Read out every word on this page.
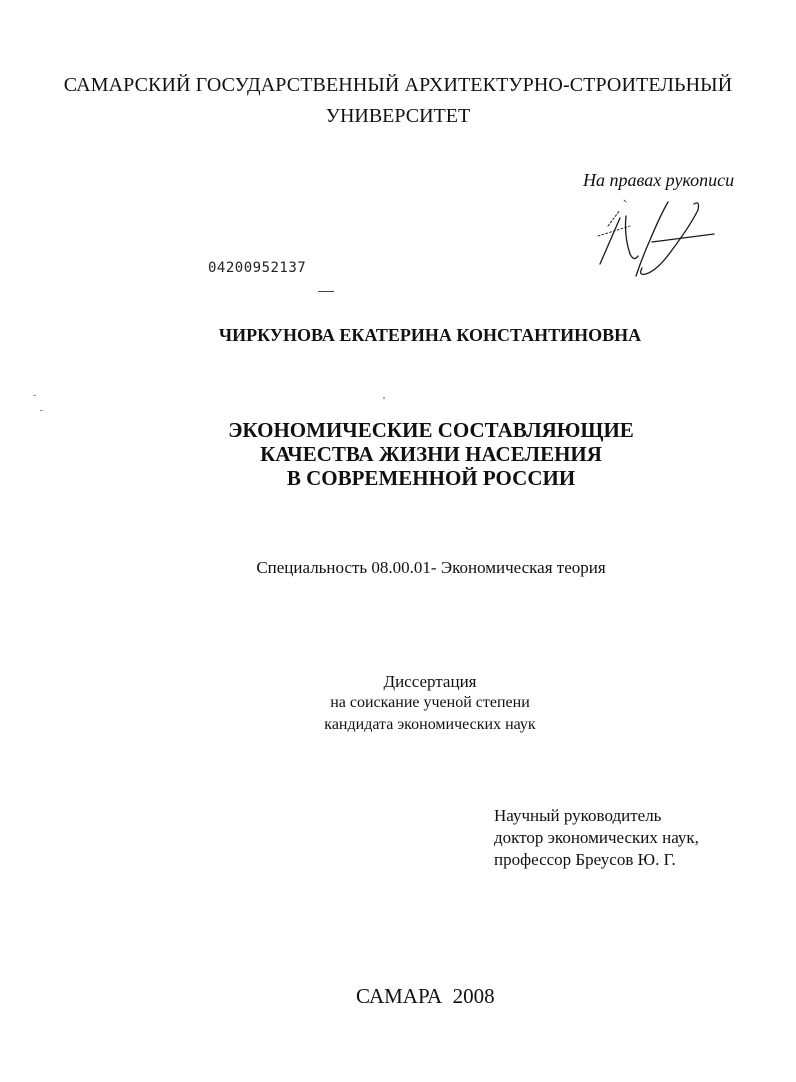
САМАРСКИЙ ГОСУДАРСТВЕННЫЙ АРХИТЕКТУРНО-СТРОИТЕЛЬНЫЙ
УНИВЕРСИТЕТ
На правах рукописи
04200952137
ЧИРКУНОВА ЕКАТЕРИНА КОНСТАНТИНОВНА
ЭКОНОМИЧЕСКИЕ СОСТАВЛЯЮЩИЕ
КАЧЕСТВА ЖИЗНИ НАСЕЛЕНИЯ
В СОВРЕМЕННОЙ РОССИИ
Специальность 08.00.01- Экономическая теория
Диссертация
на соискание ученой степени
кандидата экономических наук
Научный руководитель
доктор экономических наук,
профессор Бреусов Ю. Г.
САМАРА  2008
